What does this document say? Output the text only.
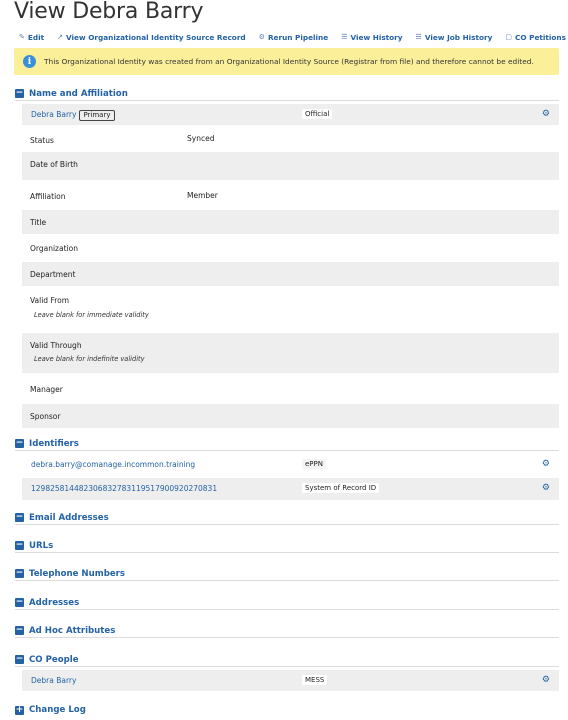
View Debra Barry
✎ Edit ↗ View Organizational Identity Source Record ⚙ Rerun Pipeline ☰ View History ☰ View Job History ▢ CO Petitions
i	This Organizational Identity was created from an Organizational Identity Source (Registrar from file) and therefore cannot be edited.
− Name and Affiliation
Debra Barry Primary	Official	⚙
Status	Synced
Date of Birth
Affiliation	Member
Title
Organization
Department
Valid From
Leave blank for immediate validity
Valid Through
Leave blank for indefinite validity
Manager
Sponsor
− Identifiers
debra.barry@comanage.incommon.training	ePPN	⚙
129825814482306832783119517900920270831	System of Record ID	⚙
− Email Addresses
− URLs
− Telephone Numbers
− Addresses
− Ad Hoc Attributes
− CO People
Debra Barry	MESS	⚙
+ Change Log
